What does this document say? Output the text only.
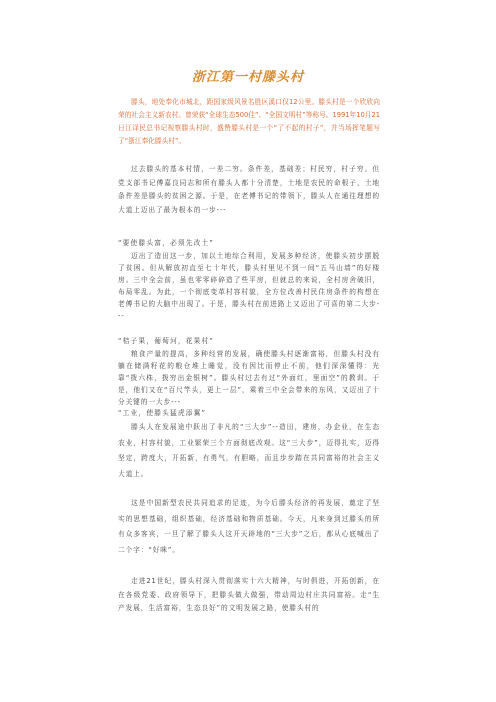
浙江第一村滕头村
滕头，地处奉化市城北，距国家级风景名胜区溪口仅12公里。滕头村是一个欣欣向荣的社会主义新农村。曾荣获“全球生态500佳”、“全国文明村”等称号。1991年10月21日江泽民总书记视察滕头村时，盛赞滕头村是一个“了不起的村子”，并当场挥笔题写了“浙江奉化滕头村”。
过去滕头的基本村情，一差二穷。条件差，基础差；村民穷，村子穷。但党支部书记傅嘉良同志和所有滕头人都十分清楚，土地是农民的命根子，土地条件差是滕头的贫困之源。于是，在老傅书记的带领下，滕头人在通往理想的大道上迈出了最为根本的一步---
“要使滕头富，必须先改土”
迈出了造田这一步，加以土地综合利用，发展多种经济，使滕头初步摆脱了贫困。但从解放初直至七十年代，滕头村里见不到一间“五马山墙”的好楼房。三中全会前，虽也零零碎碎造了些平房，但就总的来说，全村房舍破旧，布局零乱。为此，一个彻底变革村容村貌，全方位改善村民住房条件的构想在老傅书记的大脑中出现了。于是，滕头村在前进路上又迈出了可喜的第二大步---
“桔子果，葡萄河，花果村”
粮食产量的提高，多种经营的发展，确使滕头村逐渐富裕，但滕头村没有躺在储满籽花的粮仓堆上睡觉，没有因比而停止不前，他们深深懂得：光靠“拨六株，拨穷出金银树”。滕头村过去有过“外面红，里面空”的教训。于是，他们又在“百尺竿头，更上一层”，乘着三中全会带来的东风，又迈出了十分关键的一大步---
“工业，使滕头猛虎添翼”
滕头人在发展途中跃出了非凡的“三大步”--造田，建房，办企业，在生态农业，村容村貌，工业繁荣三个方面彻底改观。这“三大步”，迈得扎实，迈得坚定，跨度大，开拓新，有勇气，有胆略，而且步步踏在共同富裕的社会主义大道上。
这是中国新型农民共同追求的足迹，为今后滕头经济的再发展，奠定了坚实的思想基础，组织基础，经济基础和物质基础。今天，凡来身到过滕头的所有众多客宾，一旦了解了滕头人这开天辟地的“三大步”之后，都从心底喊出了二个字：“好咪”。
走进21世纪，滕头村深入贯彻落实十六大精神，与时俱进，开拓创新，在在各级党委、政府领导下，把滕头做大做强，带动周边村庄共同富裕。走“生产发展，生活富裕，生态良好”的文明发展之路，使滕头村的
